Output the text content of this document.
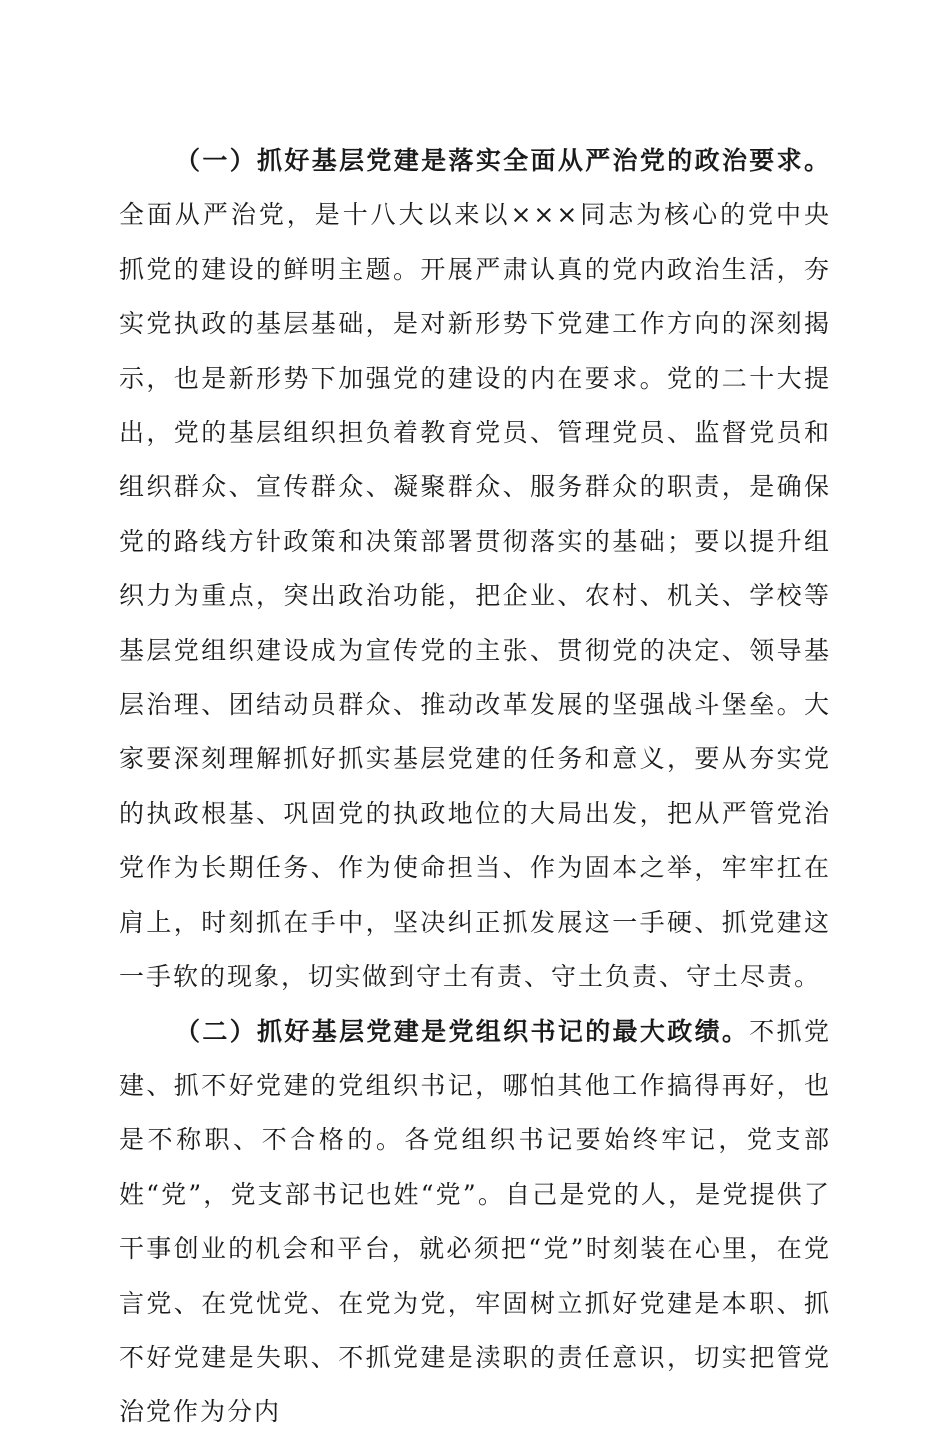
（一）抓好基层党建是落实全面从严治党的政治要求。全面从严治党，是十八大以来以×××同志为核心的党中央抓党的建设的鲜明主题。开展严肃认真的党内政治生活，夯实党执政的基层基础，是对新形势下党建工作方向的深刻揭示，也是新形势下加强党的建设的内在要求。党的二十大提出，党的基层组织担负着教育党员、管理党员、监督党员和组织群众、宣传群众、凝聚群众、服务群众的职责，是确保党的路线方针政策和决策部署贯彻落实的基础；要以提升组织力为重点，突出政治功能，把企业、农村、机关、学校等基层党组织建设成为宣传党的主张、贯彻党的决定、领导基层治理、团结动员群众、推动改革发展的坚强战斗堡垒。大家要深刻理解抓好抓实基层党建的任务和意义，要从夯实党的执政根基、巩固党的执政地位的大局出发，把从严管党治党作为长期任务、作为使命担当、作为固本之举，牢牢扛在肩上，时刻抓在手中，坚决纠正抓发展这一手硬、抓党建这一手软的现象，切实做到守土有责、守土负责、守土尽责。

（二）抓好基层党建是党组织书记的最大政绩。不抓党建、抓不好党建的党组织书记，哪怕其他工作搞得再好，也是不称职、不合格的。各党组织书记要始终牢记，党支部姓“党”，党支部书记也姓“党”。自己是党的人，是党提供了干事创业的机会和平台，就必须把“党”时刻装在心里，在党言党、在党忧党、在党为党，牢固树立抓好党建是本职、抓不好党建是失职、不抓党建是渎职的责任意识，切实把管党治党作为分内
